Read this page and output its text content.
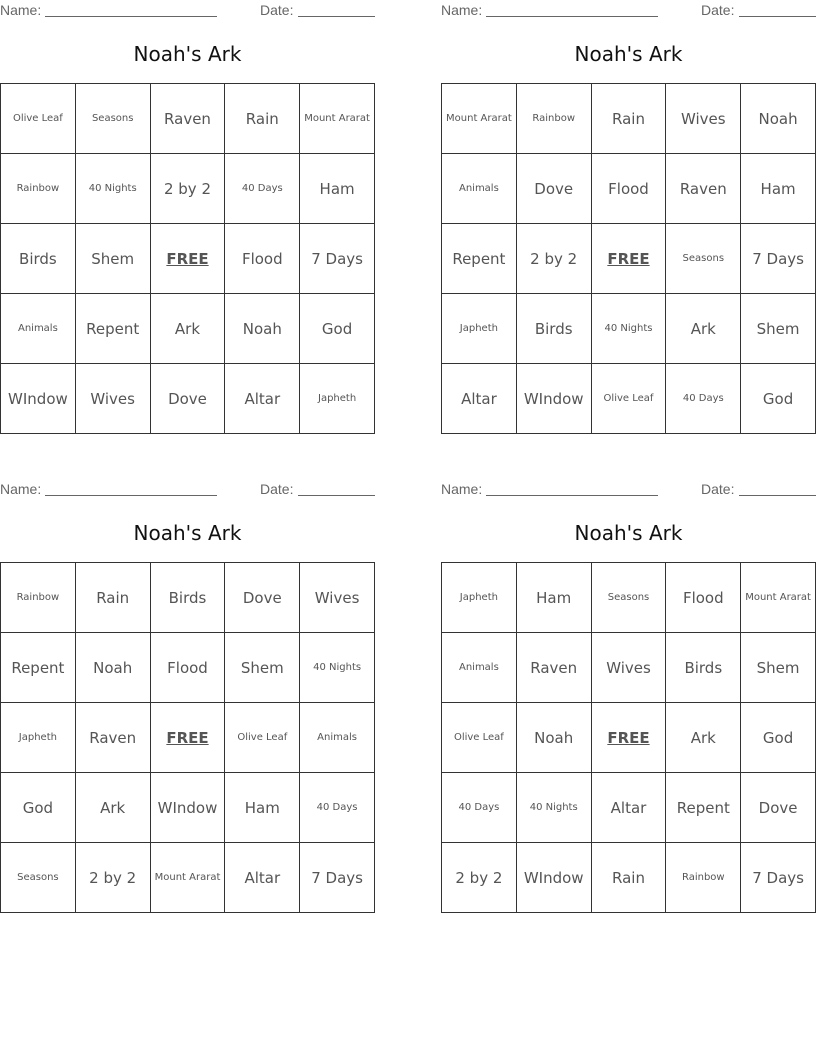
Name:	Date:
Noah's Ark
Olive Leaf	Seasons	Raven	Rain	Mount Ararat
Rainbow	40 Nights	2 by 2	40 Days	Ham
Birds	Shem	FREE	Flood	7 Days
Animals	Repent	Ark	Noah	God
WIndow	Wives	Dove	Altar	Japheth
Name:	Date:
Noah's Ark
Mount Ararat	Rainbow	Rain	Wives	Noah
Animals	Dove	Flood	Raven	Ham
Repent	2 by 2	FREE	Seasons	7 Days
Japheth	Birds	40 Nights	Ark	Shem
Altar	WIndow	Olive Leaf	40 Days	God
Name:	Date:
Noah's Ark
Rainbow	Rain	Birds	Dove	Wives
Repent	Noah	Flood	Shem	40 Nights
Japheth	Raven	FREE	Olive Leaf	Animals
God	Ark	WIndow	Ham	40 Days
Seasons	2 by 2	Mount Ararat	Altar	7 Days
Name:	Date:
Noah's Ark
Japheth	Ham	Seasons	Flood	Mount Ararat
Animals	Raven	Wives	Birds	Shem
Olive Leaf	Noah	FREE	Ark	God
40 Days	40 Nights	Altar	Repent	Dove
2 by 2	WIndow	Rain	Rainbow	7 Days
